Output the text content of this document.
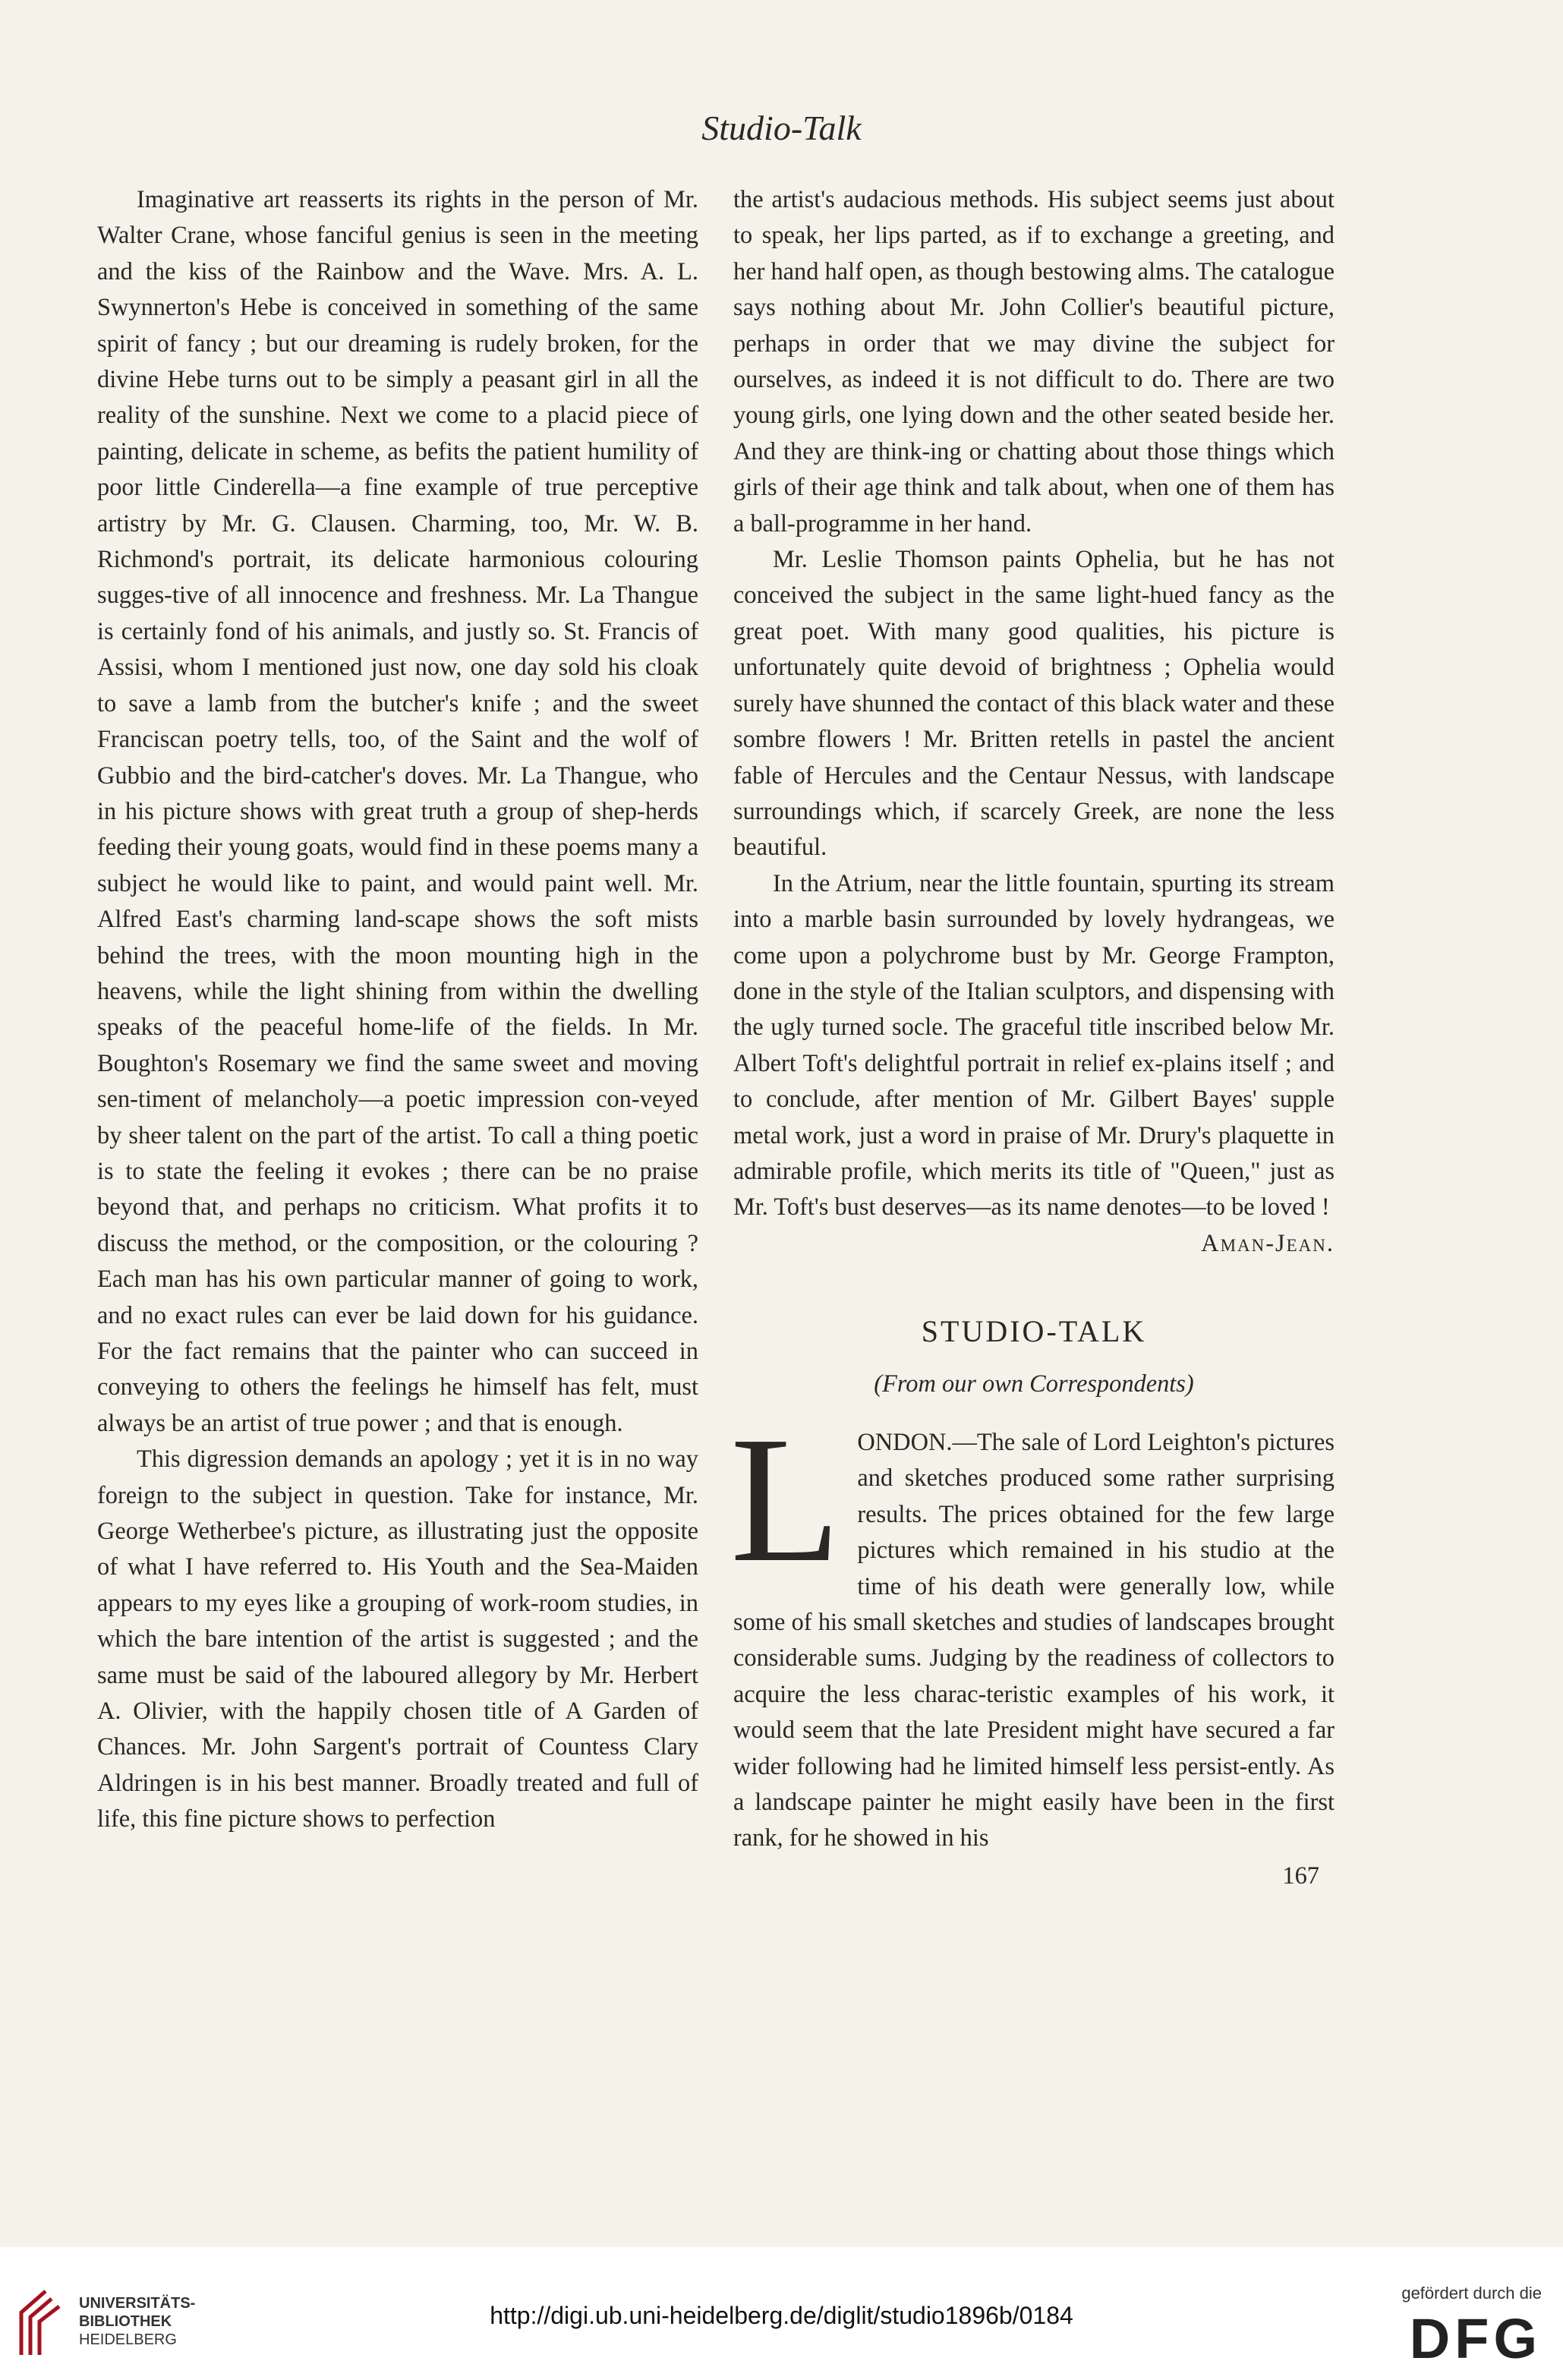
Studio-Talk

Imaginative art reasserts its rights in the person of Mr. Walter Crane, whose fanciful genius is seen in the meeting and the kiss of the Rainbow and the Wave. Mrs. A. L. Swynnerton's Hebe is conceived in something of the same spirit of fancy ; but our dreaming is rudely broken, for the divine Hebe turns out to be simply a peasant girl in all the reality of the sunshine. Next we come to a placid piece of painting, delicate in scheme, as befits the patient humility of poor little Cinderella—a fine example of true perceptive artistry by Mr. G. Clausen. Charming, too, Mr. W. B. Richmond's portrait, its delicate harmonious colouring sugges-tive of all innocence and freshness. Mr. La Thangue is certainly fond of his animals, and justly so. St. Francis of Assisi, whom I mentioned just now, one day sold his cloak to save a lamb from the butcher's knife ; and the sweet Franciscan poetry tells, too, of the Saint and the wolf of Gubbio and the bird-catcher's doves. Mr. La Thangue, who in his picture shows with great truth a group of shep-herds feeding their young goats, would find in these poems many a subject he would like to paint, and would paint well. Mr. Alfred East's charming land-scape shows the soft mists behind the trees, with the moon mounting high in the heavens, while the light shining from within the dwelling speaks of the peaceful home-life of the fields. In Mr. Boughton's Rosemary we find the same sweet and moving sen-timent of melancholy—a poetic impression con-veyed by sheer talent on the part of the artist. To call a thing poetic is to state the feeling it evokes ; there can be no praise beyond that, and perhaps no criticism. What profits it to discuss the method, or the composition, or the colouring ? Each man has his own particular manner of going to work, and no exact rules can ever be laid down for his guidance. For the fact remains that the painter who can succeed in conveying to others the feelings he himself has felt, must always be an artist of true power ; and that is enough.

This digression demands an apology ; yet it is in no way foreign to the subject in question. Take for instance, Mr. George Wetherbee's picture, as illustrating just the opposite of what I have referred to. His Youth and the Sea-Maiden appears to my eyes like a grouping of work-room studies, in which the bare intention of the artist is suggested ; and the same must be said of the laboured allegory by Mr. Herbert A. Olivier, with the happily chosen title of A Garden of Chances. Mr. John Sargent's portrait of Countess Clary Aldringen is in his best manner. Broadly treated and full of life, this fine picture shows to perfection

the artist's audacious methods. His subject seems just about to speak, her lips parted, as if to exchange a greeting, and her hand half open, as though bestowing alms. The catalogue says nothing about Mr. John Collier's beautiful picture, perhaps in order that we may divine the subject for ourselves, as indeed it is not difficult to do. There are two young girls, one lying down and the other seated beside her. And they are think-ing or chatting about those things which girls of their age think and talk about, when one of them has a ball-programme in her hand.

Mr. Leslie Thomson paints Ophelia, but he has not conceived the subject in the same light-hued fancy as the great poet. With many good qualities, his picture is unfortunately quite devoid of brightness ; Ophelia would surely have shunned the contact of this black water and these sombre flowers ! Mr. Britten retells in pastel the ancient fable of Hercules and the Centaur Nessus, with landscape surroundings which, if scarcely Greek, are none the less beautiful.

In the Atrium, near the little fountain, spurting its stream into a marble basin surrounded by lovely hydrangeas, we come upon a polychrome bust by Mr. George Frampton, done in the style of the Italian sculptors, and dispensing with the ugly turned socle. The graceful title inscribed below Mr. Albert Toft's delightful portrait in relief ex-plains itself ; and to conclude, after mention of Mr. Gilbert Bayes' supple metal work, just a word in praise of Mr. Drury's plaquette in admirable profile, which merits its title of "Queen," just as Mr. Toft's bust deserves—as its name denotes—to be loved !

Aman-Jean.
STUDIO-TALK
(From our own Correspondents)

LONDON.—The sale of Lord Leighton's pictures and sketches produced some rather surprising results. The prices obtained for the few large pictures which remained in his studio at the time of his death were generally low, while some of his small sketches and studies of landscapes brought considerable sums. Judging by the readiness of collectors to acquire the less charac-teristic examples of his work, it would seem that the late President might have secured a far wider following had he limited himself less persist-ently. As a landscape painter he might easily have been in the first rank, for he showed in his

167
UNIVERSITÄTS-
BIBLIOTHEK
HEIDELBERG
http://digi.ub.uni-heidelberg.de/diglit/studio1896b/0184
gefördert durch die
DFG
